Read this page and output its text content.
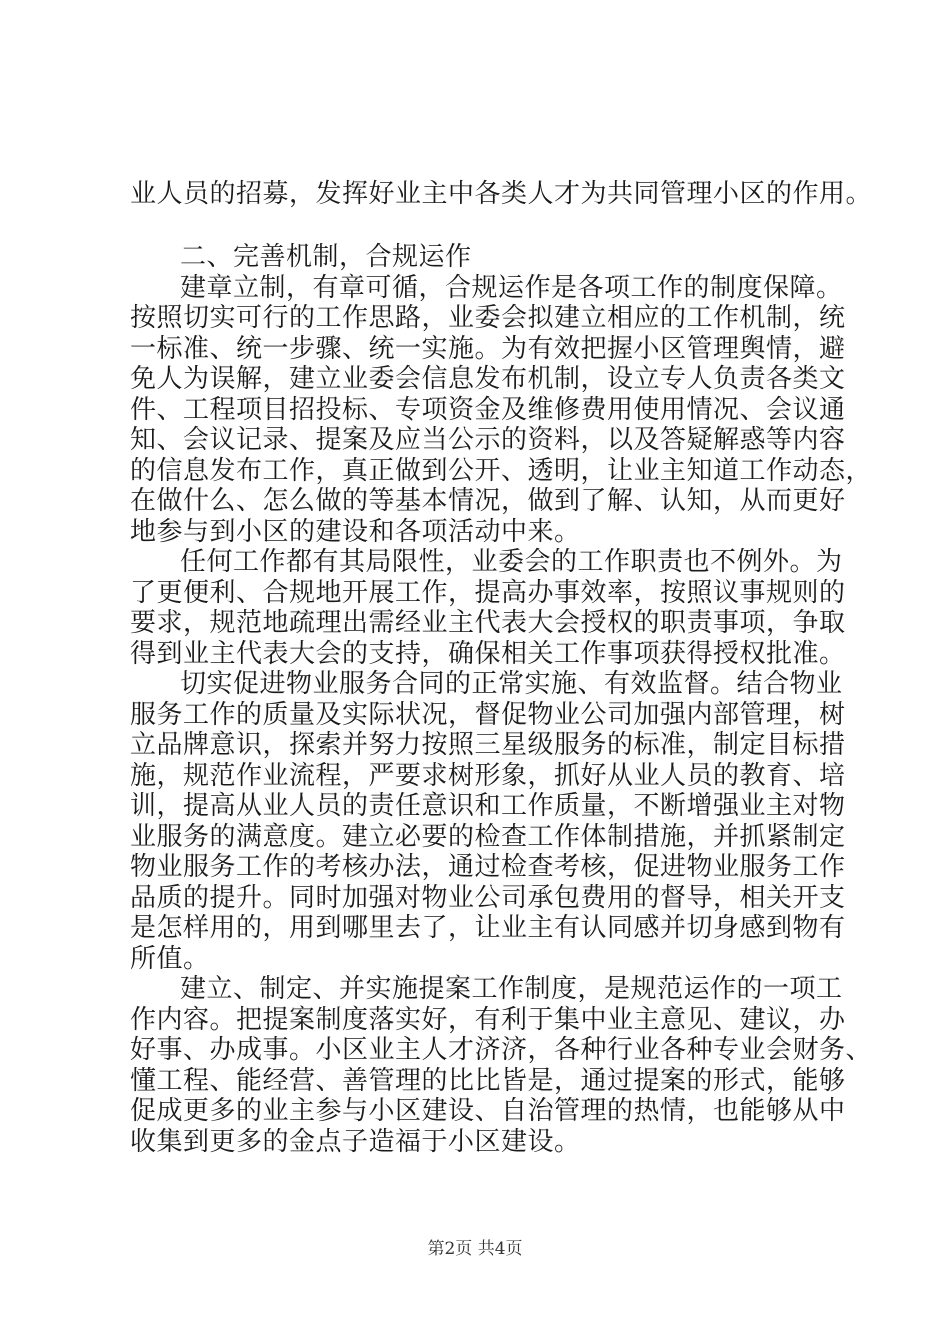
业人员的招募，发挥好业主中各类人才为共同管理小区的作用。
二、完善机制，合规运作
建章立制，有章可循，合规运作是各项工作的制度保障。
按照切实可行的工作思路，业委会拟建立相应的工作机制，统
一标准、统一步骤、统一实施。为有效把握小区管理舆情，避
免人为误解，建立业委会信息发布机制，设立专人负责各类文
件、工程项目招投标、专项资金及维修费用使用情况、会议通
知、会议记录、提案及应当公示的资料，以及答疑解惑等内容
的信息发布工作，真正做到公开、透明，让业主知道工作动态，
在做什么、怎么做的等基本情况，做到了解、认知，从而更好
地参与到小区的建设和各项活动中来。
任何工作都有其局限性，业委会的工作职责也不例外。为
了更便利、合规地开展工作，提高办事效率，按照议事规则的
要求，规范地疏理出需经业主代表大会授权的职责事项，争取
得到业主代表大会的支持，确保相关工作事项获得授权批准。
切实促进物业服务合同的正常实施、有效监督。结合物业
服务工作的质量及实际状况，督促物业公司加强内部管理，树
立品牌意识，探索并努力按照三星级服务的标准，制定目标措
施，规范作业流程，严要求树形象，抓好从业人员的教育、培
训，提高从业人员的责任意识和工作质量，不断增强业主对物
业服务的满意度。建立必要的检查工作体制措施，并抓紧制定
物业服务工作的考核办法，通过检查考核，促进物业服务工作
品质的提升。同时加强对物业公司承包费用的督导，相关开支
是怎样用的，用到哪里去了，让业主有认同感并切身感到物有
所值。
建立、制定、并实施提案工作制度，是规范运作的一项工
作内容。把提案制度落实好，有利于集中业主意见、建议，办
好事、办成事。小区业主人才济济，各种行业各种专业会财务、
懂工程、能经营、善管理的比比皆是，通过提案的形式，能够
促成更多的业主参与小区建设、自治管理的热情，也能够从中
收集到更多的金点子造福于小区建设。
第2页 共4页
